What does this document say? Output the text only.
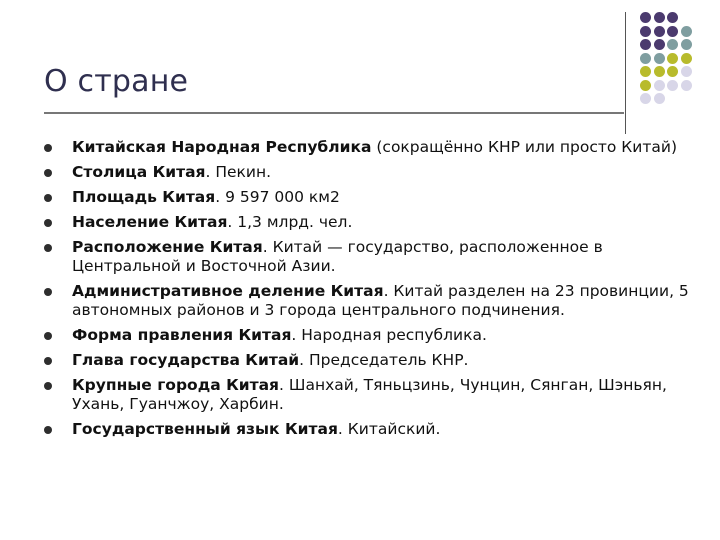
О стране
Китайская Народная Республика (сокращённо КНР или просто Китай)
Столица Китая. Пекин.
Площадь Китая. 9 597 000 км2
Население Китая. 1,3 млрд. чел.
Расположение Китая. Китай — государство, расположенное в Центральной и Восточной Азии.
Административное деление Китая. Китай разделен на 23 провинции, 5 автономных районов и 3 города центрального подчинения.
Форма правления Китая. Народная республика.
Глава государства Китай. Председатель КНР.
Крупные города Китая. Шанхай, Тяньцзинь, Чунцин, Сянган, Шэньян, Ухань, Гуанчжоу, Харбин.
Государственный язык Китая. Китайский.
